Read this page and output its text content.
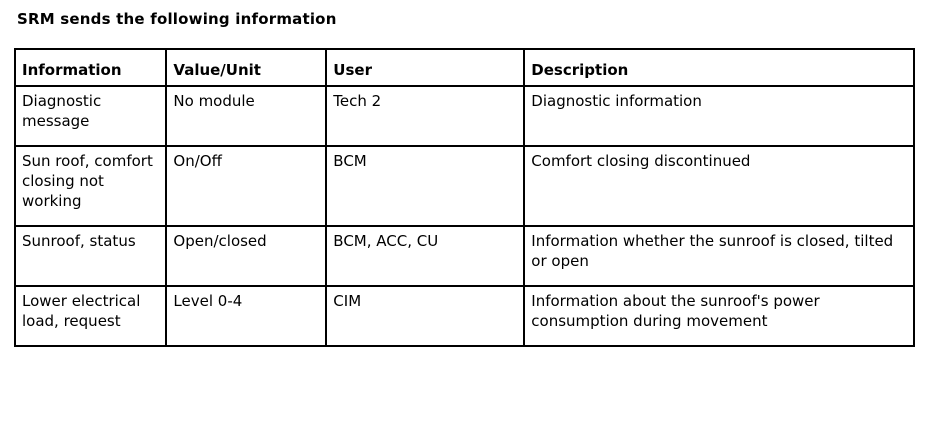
SRM sends the following information
Information	Value/Unit	User	Description
Diagnostic message	No module	Tech 2	Diagnostic information
Sun roof, comfort closing not working	On/Off	BCM	Comfort closing discontinued
Sunroof, status	Open/closed	BCM, ACC, CU	Information whether the sunroof is closed, tilted or open
Lower electrical load, request	Level 0-4	CIM	Information about the sunroof's power consumption during movement
